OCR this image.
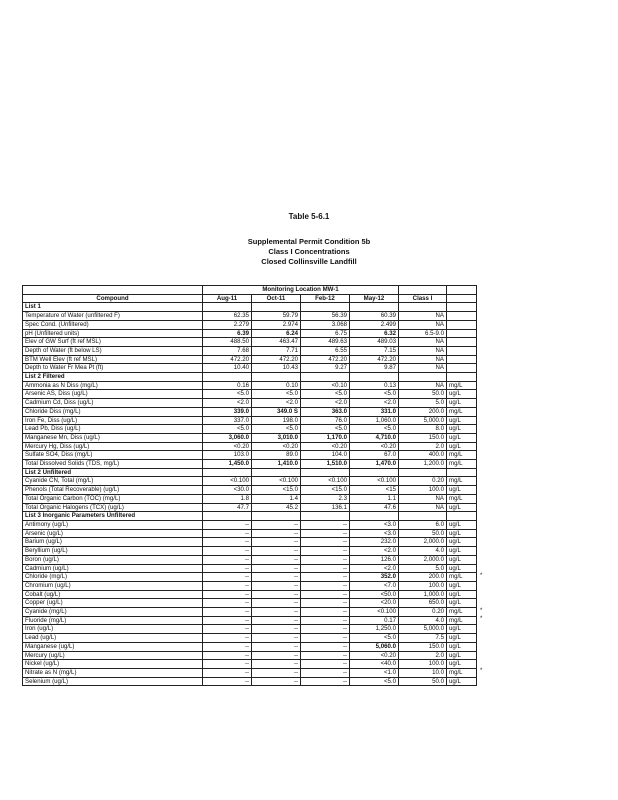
Table 5-6.1
Supplemental Permit Condition 5b
Class I Concentrations
Closed Collinsville Landfill
	Monitoring Location MW-1					
Compound	Aug-11	Oct-11	Feb-12	May-12	Class I	
List 1						
Temperature of Water (unfiltered F)	62.35	59.79	56.39	60.39	NA	
Spec Cond. (Unfiltered)	2.279	2.974	3.068	2.499	NA	
pH (Unfiltered units)	6.39	6.24	6.75	6.32	6.5-9.0	
Elev of GW Surf (ft ref MSL)	488.50	463.47	489.63	489.03	NA	
Depth of Water (ft below LS)	7.68	7.71	6.55	7.15	NA	
BTM Well Elev (ft ref MSL)	472.20	472.20	472.20	472.20	NA	
Depth to Water Fr Mea Pt (ft)	10.40	10.43	9.27	9.87	NA	
List 2 Filtered						
Ammonia as N Diss (mg/L)	0.16	0.10	<0.10	0.13	NA	mg/L
Arsenic AS, Diss (ug/L)	<5.0	<5.0	<5.0	<5.0	50.0	ug/L
Cadmium Cd, Diss (ug/L)	<2.0	<2.0	<2.0	<2.0	5.0	ug/L
Chloride Diss (mg/L)	339.0	349.0 S	363.0	331.0	200.0	mg/L
Iron Fe, Diss (ug/L)	337.0	198.0	76.0	1,060.0	5,000.0	ug/L
Lead Pb, Diss (ug/L)	<5.0	<5.0	<5.0	<5.0	8.0	ug/L
Manganese Mn, Diss (ug/L)	3,060.0	3,010.0	1,170.0	4,710.0	150.0	ug/L
Mercury Hg, Diss (ug/L)	<0.20	<0.20	<0.20	<0.20	2.0	ug/L
Sulfate SO4, Diss (mg/L)	103.0	89.0	104.0	67.0	400.0	mg/L
Total Dissolved Solids (TDS, mg/L)	1,450.0	1,410.0	1,510.0	1,470.0	1,200.0	mg/L
List 2 Unfiltered						
Cyanide CN, Total (mg/L)	<0.100	<0.100	<0.100	<0.100	0.20	mg/L
Phenols (Total Recoverable) (ug/L)	<30.0	<15.0	<15.0	<15	100.0	ug/L
Total Organic Carbon (TOC) (mg/L)	1.8	1.4	2.3	1.1	NA	mg/L
Total Organic Halogens (TCX) (ug/L)	47.7	45.2	136.1	47.6	NA	ug/L
List 3 Inorganic Parameters Unfiltered						
Antimony (ug/L)	--	--	--	<3.0	6.0	ug/L
Arsenic (ug/L)	--	--	--	<3.0	50.0	ug/L
Barium (ug/L)	--	--	--	232.0	2,000.0	ug/L
Beryllium (ug/L)	--	--	--	<2.0	4.0	ug/L
Boron (ug/L)	--	--	--	126.0	2,000.0	ug/L
Cadmium (ug/L)	--	--	--	<2.0	5.0	ug/L
Chloride (mg/L)	--	--	--	352.0	200.0	mg/L
Chromium (ug/L)	--	--	--	<7.0	100.0	ug/L
Cobalt (ug/L)	--	--	--	<50.0	1,000.0	ug/L
Copper (ug/L)	--	--	--	<20.0	650.0	ug/L
Cyanide (mg/L)	--	--	--	<0.100	0.20	mg/L
Fluoride (mg/L)	--	--	--	0.17	4.0	mg/L
Iron (ug/L)	--	--	--	1,250.0	5,000.0	ug/L
Lead (ug/L)	--	--	--	<5.0	7.5	ug/L
Manganese (ug/L)	--	--	--	5,060.0	150.0	ug/L
Mercury (ug/L)	--	--	--	<0.20	2.0	ug/L
Nickel (ug/L)	--	--	--	<40.0	100.0	ug/L
Nitrate as N (mg/L)	--	--	--	<1.0	10.0	mg/L
Selenium (ug/L)	--	--	--	<5.0	50.0	ug/L
*
*
*
*
